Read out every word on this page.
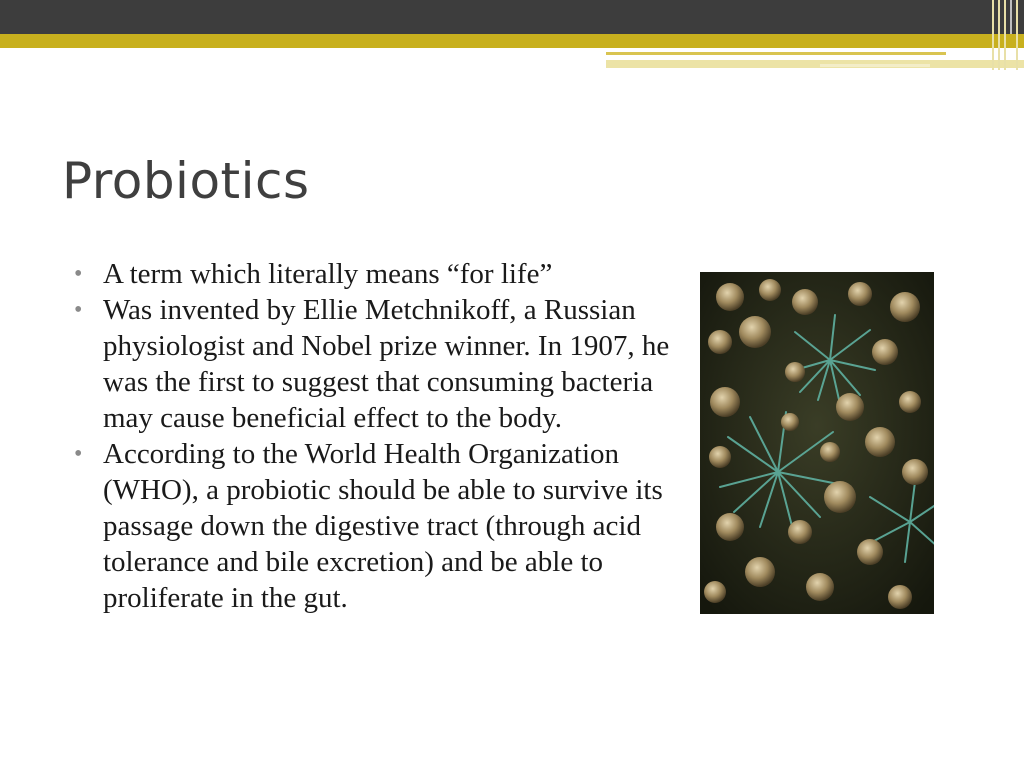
Probiotics
• A term which literally means “for life”
• Was invented by Ellie Metchnikoff, a Russian physiologist and Nobel prize winner. In 1907, he was the first to suggest that consuming bacteria may cause beneficial effect to the body.
• According to the World Health Organization (WHO), a probiotic should be able to survive its passage down the digestive tract (through acid tolerance and bile excretion) and be able to proliferate in the gut.
